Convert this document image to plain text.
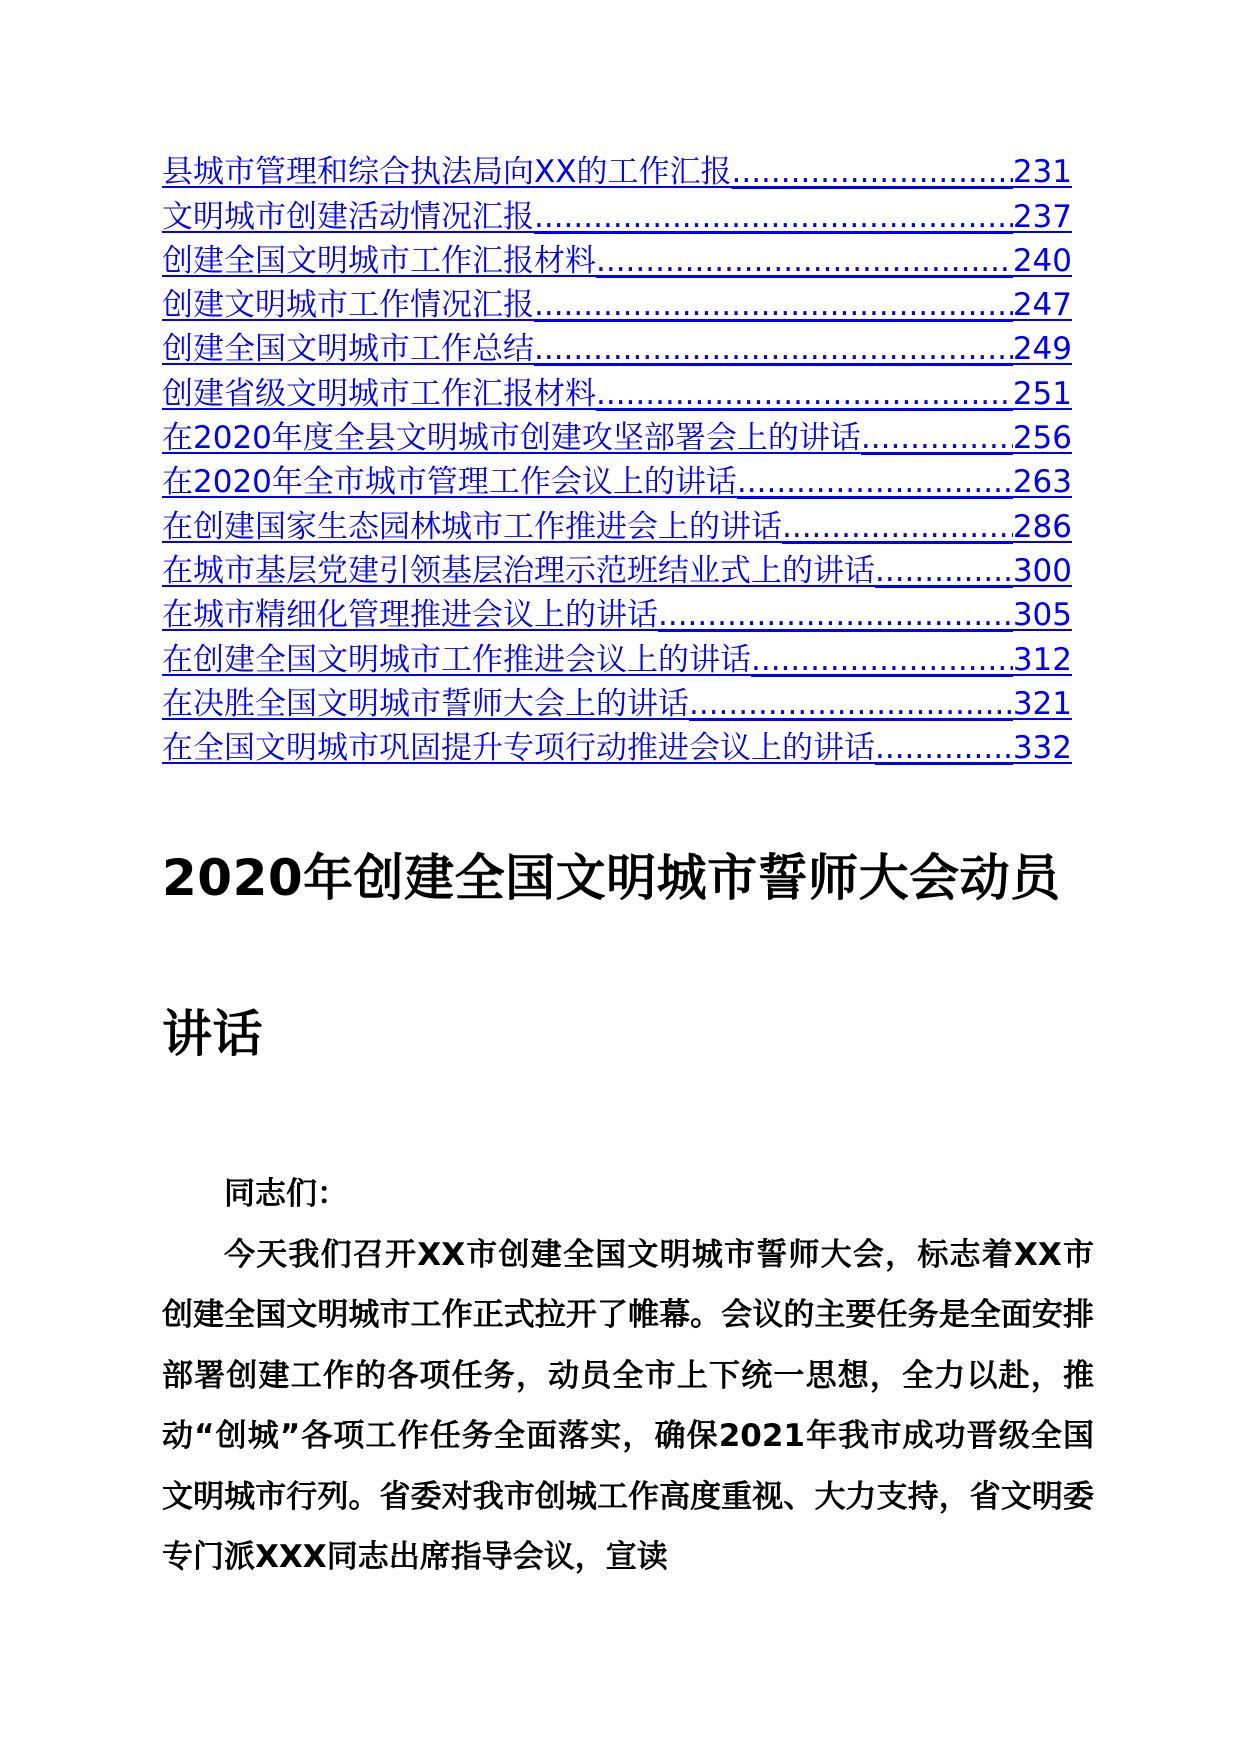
县城市管理和综合执法局向XX的工作汇报 .....	231
文明城市创建活动情况汇报 .....	237
创建全国文明城市工作汇报材料 .....	240
创建文明城市工作情况汇报 .....	247
创建全国文明城市工作总结 .....	249
创建省级文明城市工作汇报材料 .....	251
在2020年度全县文明城市创建攻坚部署会上的讲话 .....	256
在2020年全市城市管理工作会议上的讲话 .....	263
在创建国家生态园林城市工作推进会上的讲话 .....	286
在城市基层党建引领基层治理示范班结业式上的讲话 .....	300
在城市精细化管理推进会议上的讲话 .....	305
在创建全国文明城市工作推进会议上的讲话 .....	312
在决胜全国文明城市誓师大会上的讲话 .....	321
在全国文明城市巩固提升专项行动推进会议上的讲话 .....	332
2020年创建全国文明城市誓师大会动员讲话

同志们：

今天我们召开XX市创建全国文明城市誓师大会，标志着XX市创建全国文明城市工作正式拉开了帷幕。会议的主要任务是全面安排部署创建工作的各项任务，动员全市上下统一思想，全力以赴，推动“创城”各项工作任务全面落实，确保2021年我市成功晋级全国文明城市行列。省委对我市创城工作高度重视、大力支持，省文明委专门派XXX同志出席指导会议，宣读
